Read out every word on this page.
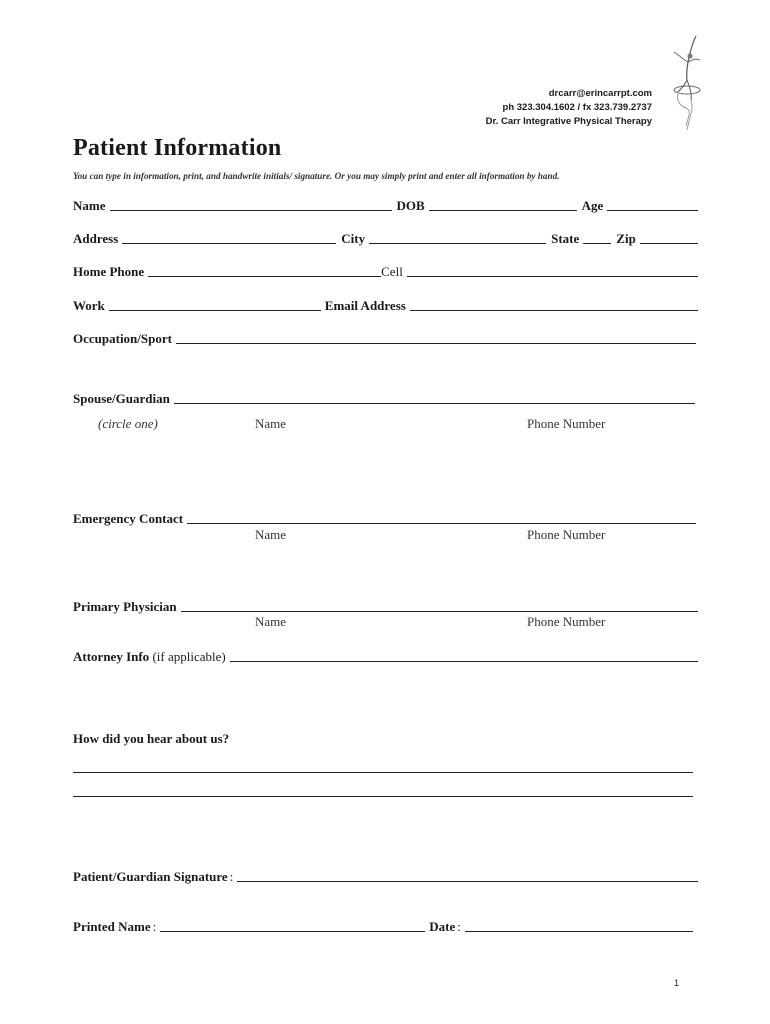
drcarr@erincarrpt.com
ph 323.304.1602 / fx 323.739.2737
Dr. Carr Integrative Physical Therapy
Patient Information
You can type in information, print, and handwrite initials/ signature. Or you may simply print and enter all information by hand.
Name	DOB	Age
Address	City	State	Zip
Home Phone	Cell
Work	Email Address
Occupation/Sport
Spouse/Guardian
(circle one)	Name	Phone Number
Emergency Contact
Name	Phone Number
Primary Physician
Name	Phone Number
Attorney Info (if applicable)
How did you hear about us?
Patient/Guardian Signature :
Printed Name :	Date :
1
